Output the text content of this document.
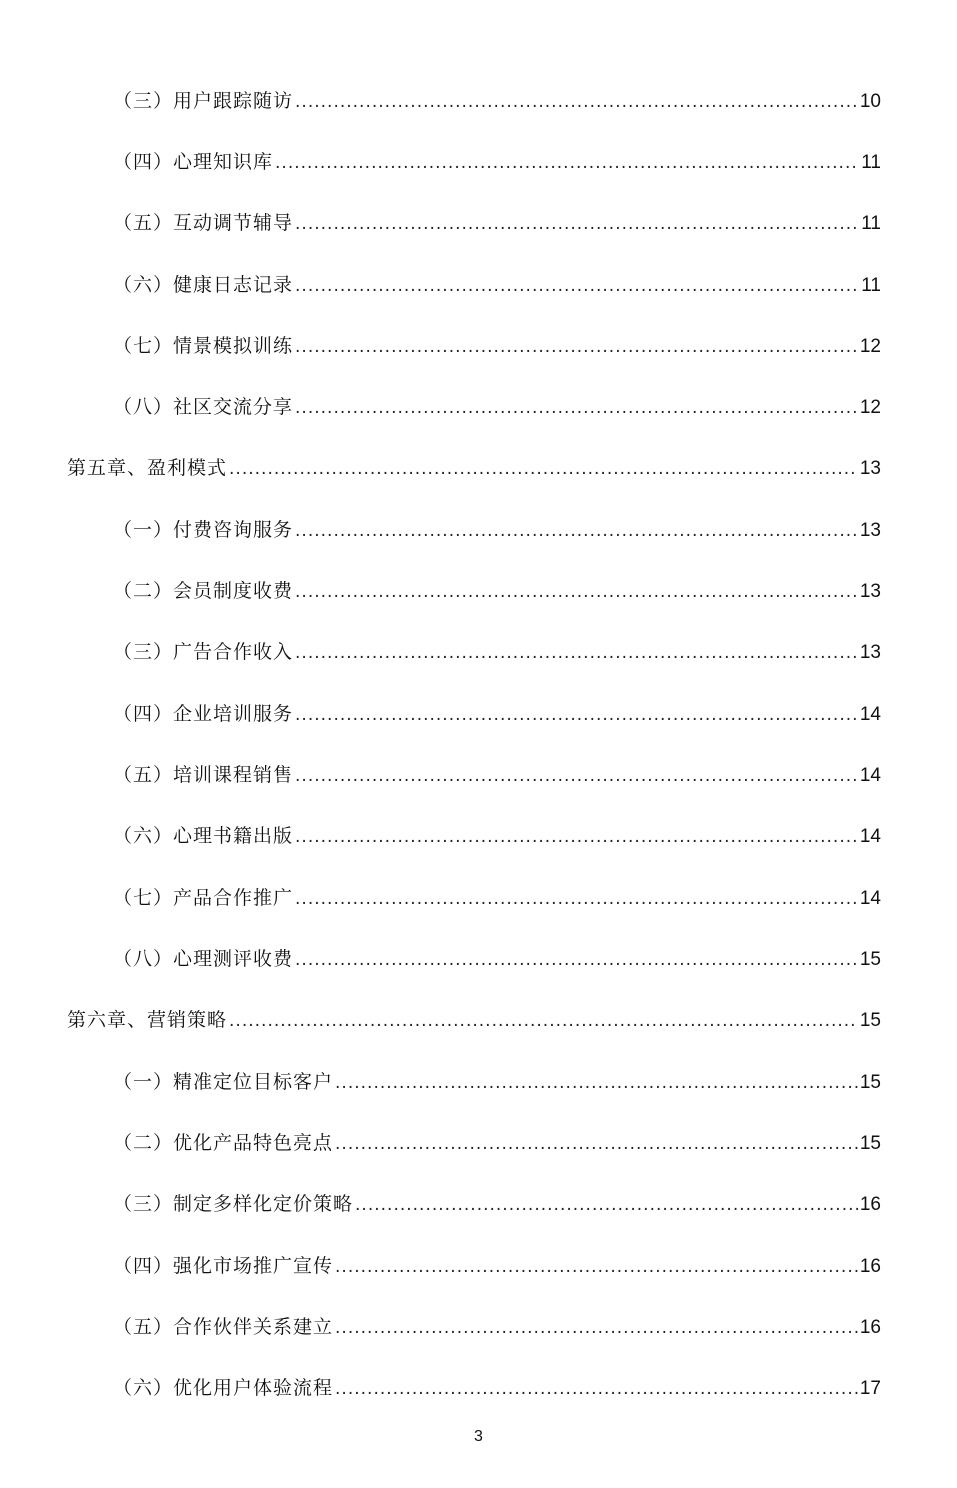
（三）用户跟踪随访 .....	10
（四）心理知识库 .....	11
（五）互动调节辅导 .....	11
（六）健康日志记录 .....	11
（七）情景模拟训练 .....	12
（八）社区交流分享 .....	12
第五章、盈利模式 .....	13
（一）付费咨询服务 .....	13
（二）会员制度收费 .....	13
（三）广告合作收入 .....	13
（四）企业培训服务 .....	14
（五）培训课程销售 .....	14
（六）心理书籍出版 .....	14
（七）产品合作推广 .....	14
（八）心理测评收费 .....	15
第六章、营销策略 .....	15
（一）精准定位目标客户 .....	15
（二）优化产品特色亮点 .....	15
（三）制定多样化定价策略 .....	16
（四）强化市场推广宣传 .....	16
（五）合作伙伴关系建立 .....	16
（六）优化用户体验流程 .....	17
3
